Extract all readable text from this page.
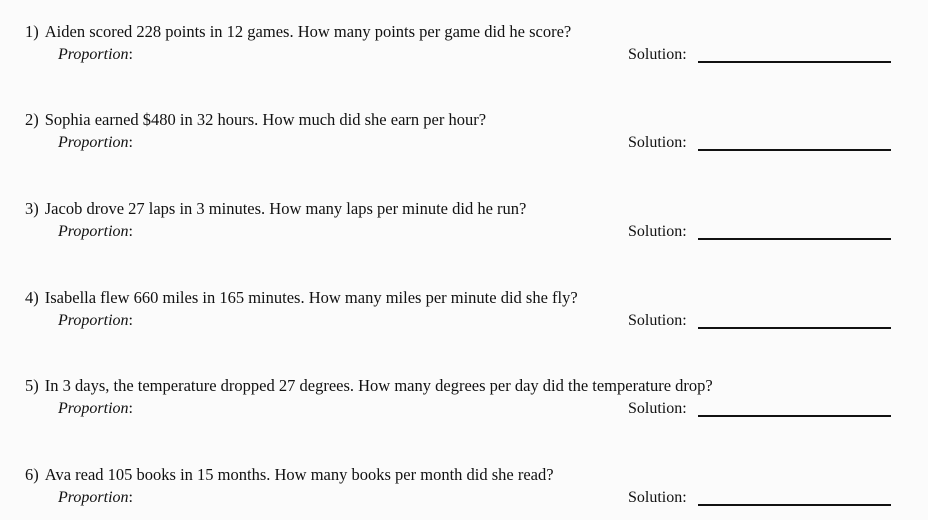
1) Aiden scored 228 points in 12 games. How many points per game did he score?
Proportion:	Solution:
2) Sophia earned $480 in 32 hours. How much did she earn per hour?
Proportion:	Solution:
3) Jacob drove 27 laps in 3 minutes. How many laps per minute did he run?
Proportion:	Solution:
4) Isabella flew 660 miles in 165 minutes. How many miles per minute did she fly?
Proportion:	Solution:
5) In 3 days, the temperature dropped 27 degrees. How many degrees per day did the temperature drop?
Proportion:	Solution:
6) Ava read 105 books in 15 months. How many books per month did she read?
Proportion:	Solution:
